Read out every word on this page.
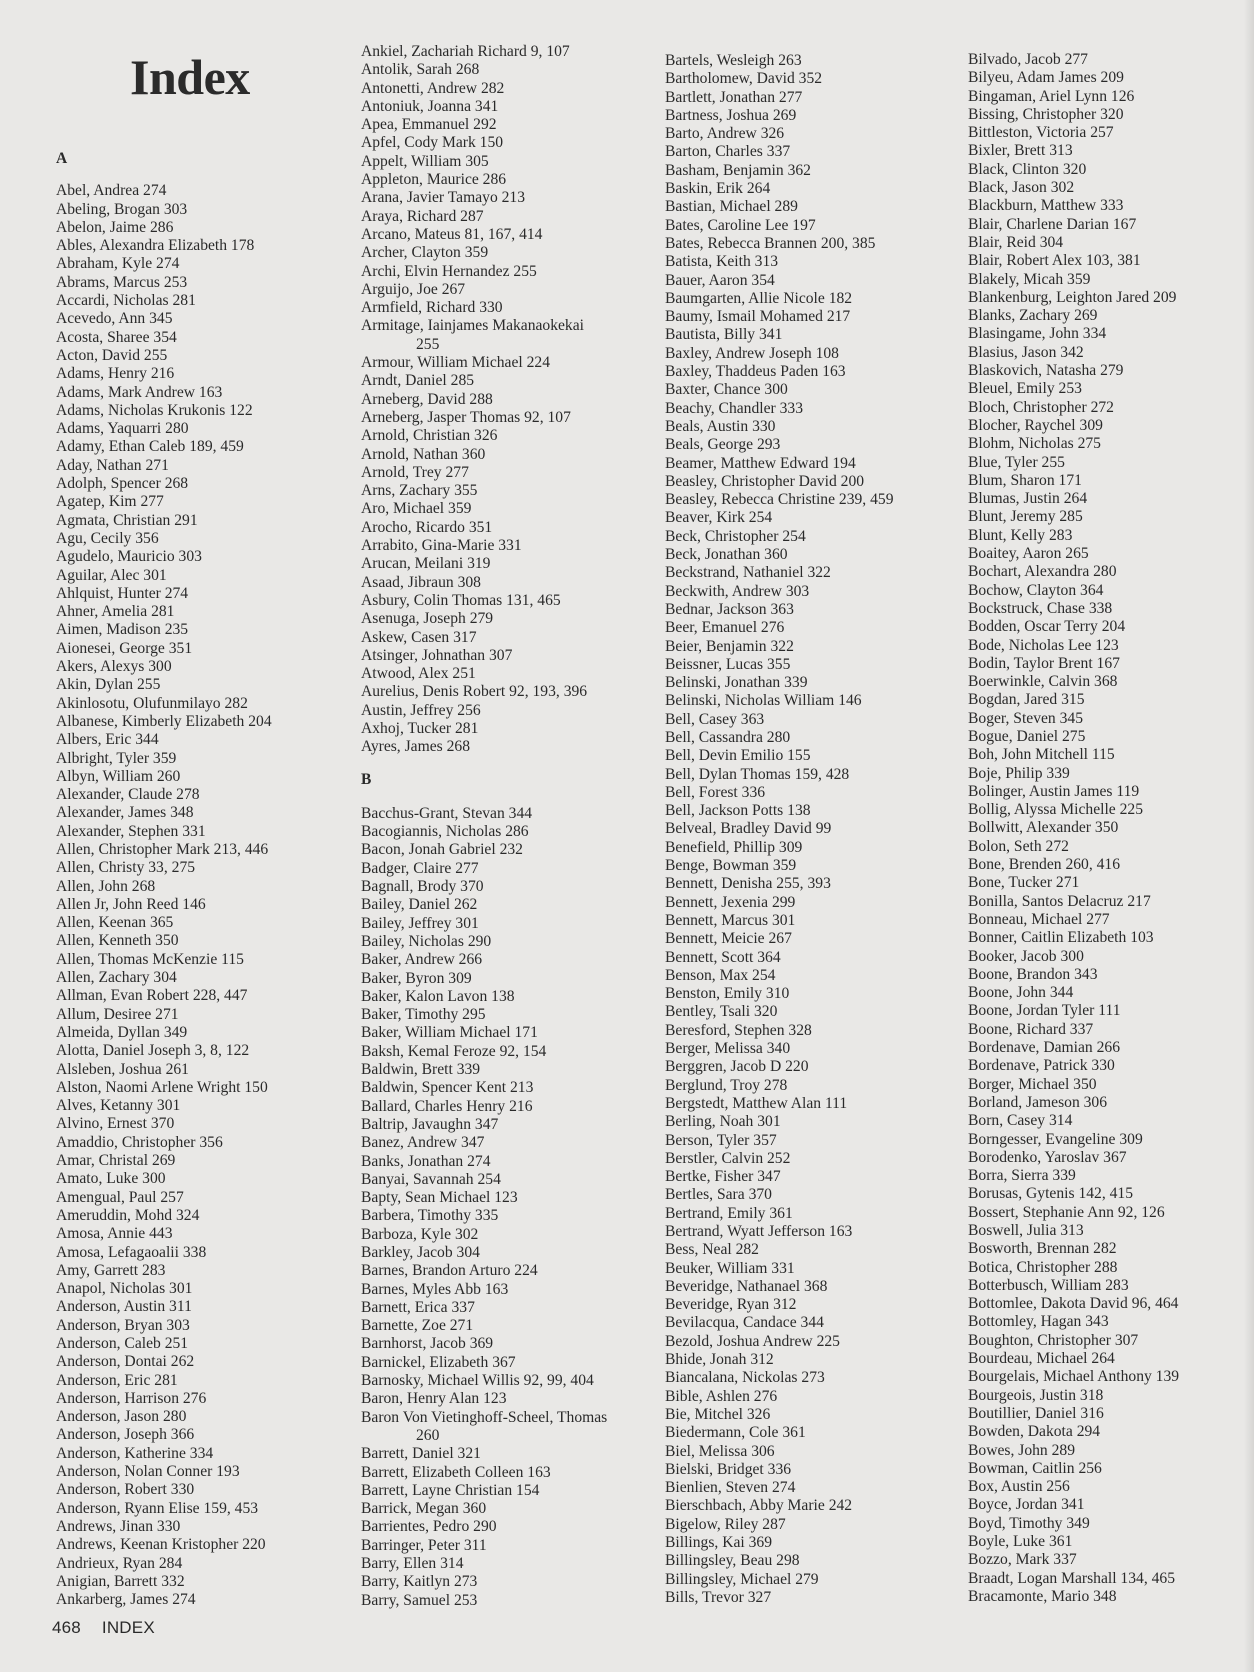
Index
A
Abel, Andrea 274
Abeling, Brogan 303
Abelon, Jaime 286
Ables, Alexandra Elizabeth 178
Abraham, Kyle 274
Abrams, Marcus 253
Accardi, Nicholas 281
Acevedo, Ann 345
Acosta, Sharee 354
Acton, David 255
Adams, Henry 216
Adams, Mark Andrew 163
Adams, Nicholas Krukonis 122
Adams, Yaquarri 280
Adamy, Ethan Caleb 189, 459
Aday, Nathan 271
Adolph, Spencer 268
Agatep, Kim 277
Agmata, Christian 291
Agu, Cecily 356
Agudelo, Mauricio 303
Aguilar, Alec 301
Ahlquist, Hunter 274
Ahner, Amelia 281
Aimen, Madison 235
Aionesei, George 351
Akers, Alexys 300
Akin, Dylan 255
Akinlosotu, Olufunmilayo 282
Albanese, Kimberly Elizabeth 204
Albers, Eric 344
Albright, Tyler 359
Albyn, William 260
Alexander, Claude 278
Alexander, James 348
Alexander, Stephen 331
Allen, Christopher Mark 213, 446
Allen, Christy 33, 275
Allen, John 268
Allen Jr, John Reed 146
Allen, Keenan 365
Allen, Kenneth 350
Allen, Thomas McKenzie 115
Allen, Zachary 304
Allman, Evan Robert 228, 447
Allum, Desiree 271
Almeida, Dyllan 349
Alotta, Daniel Joseph 3, 8, 122
Alsleben, Joshua 261
Alston, Naomi Arlene Wright 150
Alves, Ketanny 301
Alvino, Ernest 370
Amaddio, Christopher 356
Amar, Christal 269
Amato, Luke 300
Amengual, Paul 257
Ameruddin, Mohd 324
Amosa, Annie 443
Amosa, Lefagaoalii 338
Amy, Garrett 283
Anapol, Nicholas 301
Anderson, Austin 311
Anderson, Bryan 303
Anderson, Caleb 251
Anderson, Dontai 262
Anderson, Eric 281
Anderson, Harrison 276
Anderson, Jason 280
Anderson, Joseph 366
Anderson, Katherine 334
Anderson, Nolan Conner 193
Anderson, Robert 330
Anderson, Ryann Elise 159, 453
Andrews, Jinan 330
Andrews, Keenan Kristopher 220
Andrieux, Ryan 284
Anigian, Barrett 332
Ankarberg, James 274
Ankiel, Zachariah Richard 9, 107
Antolik, Sarah 268
Antonetti, Andrew 282
Antoniuk, Joanna 341
Apea, Emmanuel 292
Apfel, Cody Mark 150
Appelt, William 305
Appleton, Maurice 286
Arana, Javier Tamayo 213
Araya, Richard 287
Arcano, Mateus 81, 167, 414
Archer, Clayton 359
Archi, Elvin Hernandez 255
Arguijo, Joe 267
Armfield, Richard 330
Armitage, Iainjames Makanaokekai
255
Armour, William Michael 224
Arndt, Daniel 285
Arneberg, David 288
Arneberg, Jasper Thomas 92, 107
Arnold, Christian 326
Arnold, Nathan 360
Arnold, Trey 277
Arns, Zachary 355
Aro, Michael 359
Arocho, Ricardo 351
Arrabito, Gina-Marie 331
Arucan, Meilani 319
Asaad, Jibraun 308
Asbury, Colin Thomas 131, 465
Asenuga, Joseph 279
Askew, Casen 317
Atsinger, Johnathan 307
Atwood, Alex 251
Aurelius, Denis Robert 92, 193, 396
Austin, Jeffrey 256
Axhoj, Tucker 281
Ayres, James 268
B
Bacchus-Grant, Stevan 344
Bacogiannis, Nicholas 286
Bacon, Jonah Gabriel 232
Badger, Claire 277
Bagnall, Brody 370
Bailey, Daniel 262
Bailey, Jeffrey 301
Bailey, Nicholas 290
Baker, Andrew 266
Baker, Byron 309
Baker, Kalon Lavon 138
Baker, Timothy 295
Baker, William Michael 171
Baksh, Kemal Feroze 92, 154
Baldwin, Brett 339
Baldwin, Spencer Kent 213
Ballard, Charles Henry 216
Baltrip, Javaughn 347
Banez, Andrew 347
Banks, Jonathan 274
Banyai, Savannah 254
Bapty, Sean Michael 123
Barbera, Timothy 335
Barboza, Kyle 302
Barkley, Jacob 304
Barnes, Brandon Arturo 224
Barnes, Myles Abb 163
Barnett, Erica 337
Barnette, Zoe 271
Barnhorst, Jacob 369
Barnickel, Elizabeth 367
Barnosky, Michael Willis 92, 99, 404
Baron, Henry Alan 123
Baron Von Vietinghoff-Scheel, Thomas
260
Barrett, Daniel 321
Barrett, Elizabeth Colleen 163
Barrett, Layne Christian 154
Barrick, Megan 360
Barrientes, Pedro 290
Barringer, Peter 311
Barry, Ellen 314
Barry, Kaitlyn 273
Barry, Samuel 253
Bartels, Wesleigh 263
Bartholomew, David 352
Bartlett, Jonathan 277
Bartness, Joshua 269
Barto, Andrew 326
Barton, Charles 337
Basham, Benjamin 362
Baskin, Erik 264
Bastian, Michael 289
Bates, Caroline Lee 197
Bates, Rebecca Brannen 200, 385
Batista, Keith 313
Bauer, Aaron 354
Baumgarten, Allie Nicole 182
Baumy, Ismail Mohamed 217
Bautista, Billy 341
Baxley, Andrew Joseph 108
Baxley, Thaddeus Paden 163
Baxter, Chance 300
Beachy, Chandler 333
Beals, Austin 330
Beals, George 293
Beamer, Matthew Edward 194
Beasley, Christopher David 200
Beasley, Rebecca Christine 239, 459
Beaver, Kirk 254
Beck, Christopher 254
Beck, Jonathan 360
Beckstrand, Nathaniel 322
Beckwith, Andrew 303
Bednar, Jackson 363
Beer, Emanuel 276
Beier, Benjamin 322
Beissner, Lucas 355
Belinski, Jonathan 339
Belinski, Nicholas William 146
Bell, Casey 363
Bell, Cassandra 280
Bell, Devin Emilio 155
Bell, Dylan Thomas 159, 428
Bell, Forest 336
Bell, Jackson Potts 138
Belveal, Bradley David 99
Benefield, Phillip 309
Benge, Bowman 359
Bennett, Denisha 255, 393
Bennett, Jexenia 299
Bennett, Marcus 301
Bennett, Meicie 267
Bennett, Scott 364
Benson, Max 254
Benston, Emily 310
Bentley, Tsali 320
Beresford, Stephen 328
Berger, Melissa 340
Berggren, Jacob D 220
Berglund, Troy 278
Bergstedt, Matthew Alan 111
Berling, Noah 301
Berson, Tyler 357
Berstler, Calvin 252
Bertke, Fisher 347
Bertles, Sara 370
Bertrand, Emily 361
Bertrand, Wyatt Jefferson 163
Bess, Neal 282
Beuker, William 331
Beveridge, Nathanael 368
Beveridge, Ryan 312
Bevilacqua, Candace 344
Bezold, Joshua Andrew 225
Bhide, Jonah 312
Biancalana, Nickolas 273
Bible, Ashlen 276
Bie, Mitchel 326
Biedermann, Cole 361
Biel, Melissa 306
Bielski, Bridget 336
Bienlien, Steven 274
Bierschbach, Abby Marie 242
Bigelow, Riley 287
Billings, Kai 369
Billingsley, Beau 298
Billingsley, Michael 279
Bills, Trevor 327
Bilvado, Jacob 277
Bilyeu, Adam James 209
Bingaman, Ariel Lynn 126
Bissing, Christopher 320
Bittleston, Victoria 257
Bixler, Brett 313
Black, Clinton 320
Black, Jason 302
Blackburn, Matthew 333
Blair, Charlene Darian 167
Blair, Reid 304
Blair, Robert Alex 103, 381
Blakely, Micah 359
Blankenburg, Leighton Jared 209
Blanks, Zachary 269
Blasingame, John 334
Blasius, Jason 342
Blaskovich, Natasha 279
Bleuel, Emily 253
Bloch, Christopher 272
Blocher, Raychel 309
Blohm, Nicholas 275
Blue, Tyler 255
Blum, Sharon 171
Blumas, Justin 264
Blunt, Jeremy 285
Blunt, Kelly 283
Boaitey, Aaron 265
Bochart, Alexandra 280
Bochow, Clayton 364
Bockstruck, Chase 338
Bodden, Oscar Terry 204
Bode, Nicholas Lee 123
Bodin, Taylor Brent 167
Boerwinkle, Calvin 368
Bogdan, Jared 315
Boger, Steven 345
Bogue, Daniel 275
Boh, John Mitchell 115
Boje, Philip 339
Bolinger, Austin James 119
Bollig, Alyssa Michelle 225
Bollwitt, Alexander 350
Bolon, Seth 272
Bone, Brenden 260, 416
Bone, Tucker 271
Bonilla, Santos Delacruz 217
Bonneau, Michael 277
Bonner, Caitlin Elizabeth 103
Booker, Jacob 300
Boone, Brandon 343
Boone, John 344
Boone, Jordan Tyler 111
Boone, Richard 337
Bordenave, Damian 266
Bordenave, Patrick 330
Borger, Michael 350
Borland, Jameson 306
Born, Casey 314
Borngesser, Evangeline 309
Borodenko, Yaroslav 367
Borra, Sierra 339
Borusas, Gytenis 142, 415
Bossert, Stephanie Ann 92, 126
Boswell, Julia 313
Bosworth, Brennan 282
Botica, Christopher 288
Botterbusch, William 283
Bottomlee, Dakota David 96, 464
Bottomley, Hagan 343
Boughton, Christopher 307
Bourdeau, Michael 264
Bourgelais, Michael Anthony 139
Bourgeois, Justin 318
Boutillier, Daniel 316
Bowden, Dakota 294
Bowes, John 289
Bowman, Caitlin 256
Box, Austin 256
Boyce, Jordan 341
Boyd, Timothy 349
Boyle, Luke 361
Bozzo, Mark 337
Braadt, Logan Marshall 134, 465
Bracamonte, Mario 348
468 INDEX
